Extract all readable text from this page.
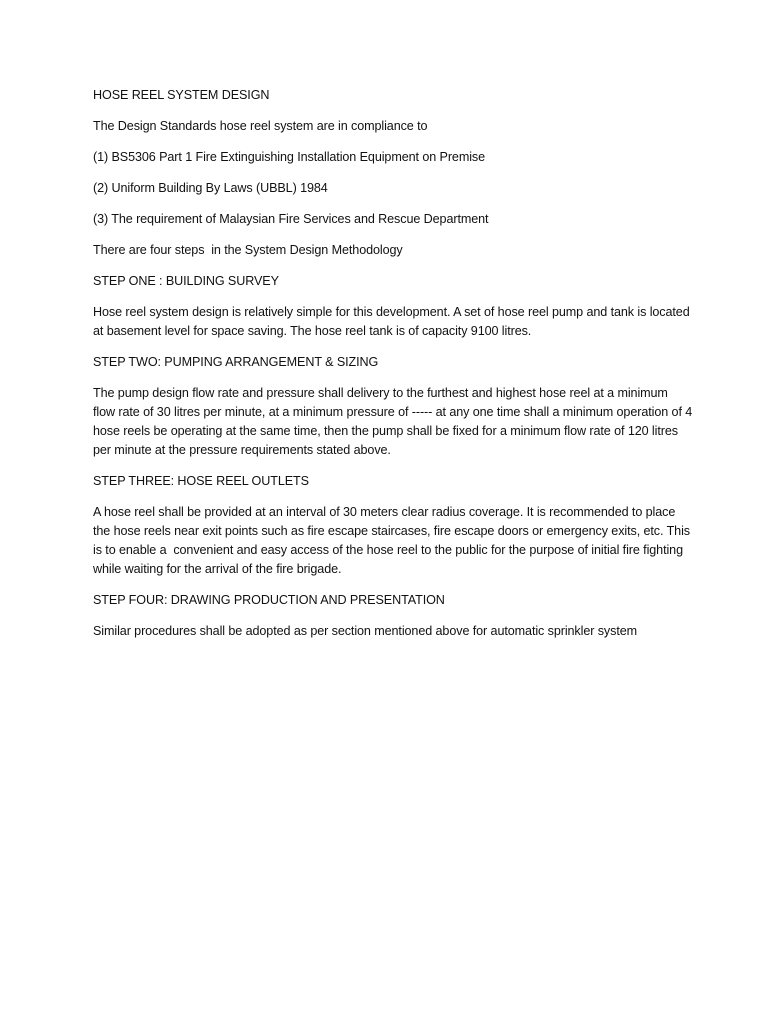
HOSE REEL SYSTEM DESIGN

The Design Standards hose reel system are in compliance to

(1) BS5306 Part 1 Fire Extinguishing Installation Equipment on Premise

(2) Uniform Building By Laws (UBBL) 1984

(3) The requirement of Malaysian Fire Services and Rescue Department

There are four steps  in the System Design Methodology

STEP ONE : BUILDING SURVEY

Hose reel system design is relatively simple for this development. A set of hose reel pump and tank is located at basement level for space saving. The hose reel tank is of capacity 9100 litres.

STEP TWO: PUMPING ARRANGEMENT & SIZING

The pump design flow rate and pressure shall delivery to the furthest and highest hose reel at a minimum flow rate of 30 litres per minute, at a minimum pressure of ----- at any one time shall a minimum operation of 4 hose reels be operating at the same time, then the pump shall be fixed for a minimum flow rate of 120 litres per minute at the pressure requirements stated above.

STEP THREE: HOSE REEL OUTLETS

A hose reel shall be provided at an interval of 30 meters clear radius coverage. It is recommended to place the hose reels near exit points such as fire escape staircases, fire escape doors or emergency exits, etc. This is to enable a  convenient and easy access of the hose reel to the public for the purpose of initial fire fighting while waiting for the arrival of the fire brigade.

STEP FOUR: DRAWING PRODUCTION AND PRESENTATION

Similar procedures shall be adopted as per section mentioned above for automatic sprinkler system
